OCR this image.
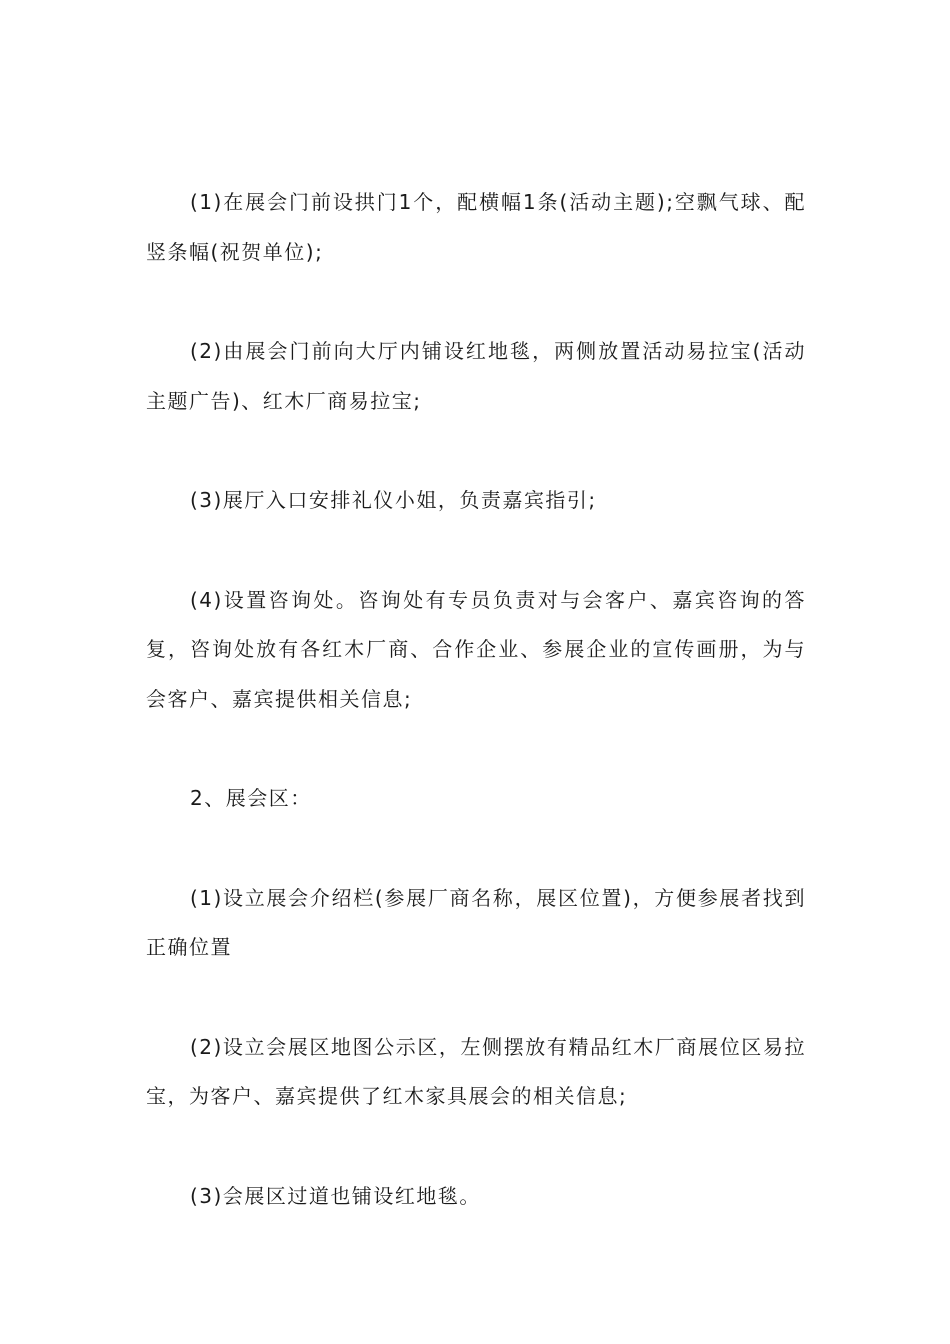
(1)在展会门前设拱门1个，配横幅1条(活动主题);空飘气球、配竖条幅(祝贺单位);

(2)由展会门前向大厅内铺设红地毯，两侧放置活动易拉宝(活动主题广告)、红木厂商易拉宝;

(3)展厅入口安排礼仪小姐，负责嘉宾指引;

(4)设置咨询处。咨询处有专员负责对与会客户、嘉宾咨询的答复，咨询处放有各红木厂商、合作企业、参展企业的宣传画册，为与会客户、嘉宾提供相关信息;

2、展会区：

(1)设立展会介绍栏(参展厂商名称，展区位置)，方便参展者找到正确位置

(2)设立会展区地图公示区，左侧摆放有精品红木厂商展位区易拉宝，为客户、嘉宾提供了红木家具展会的相关信息;

(3)会展区过道也铺设红地毯。
